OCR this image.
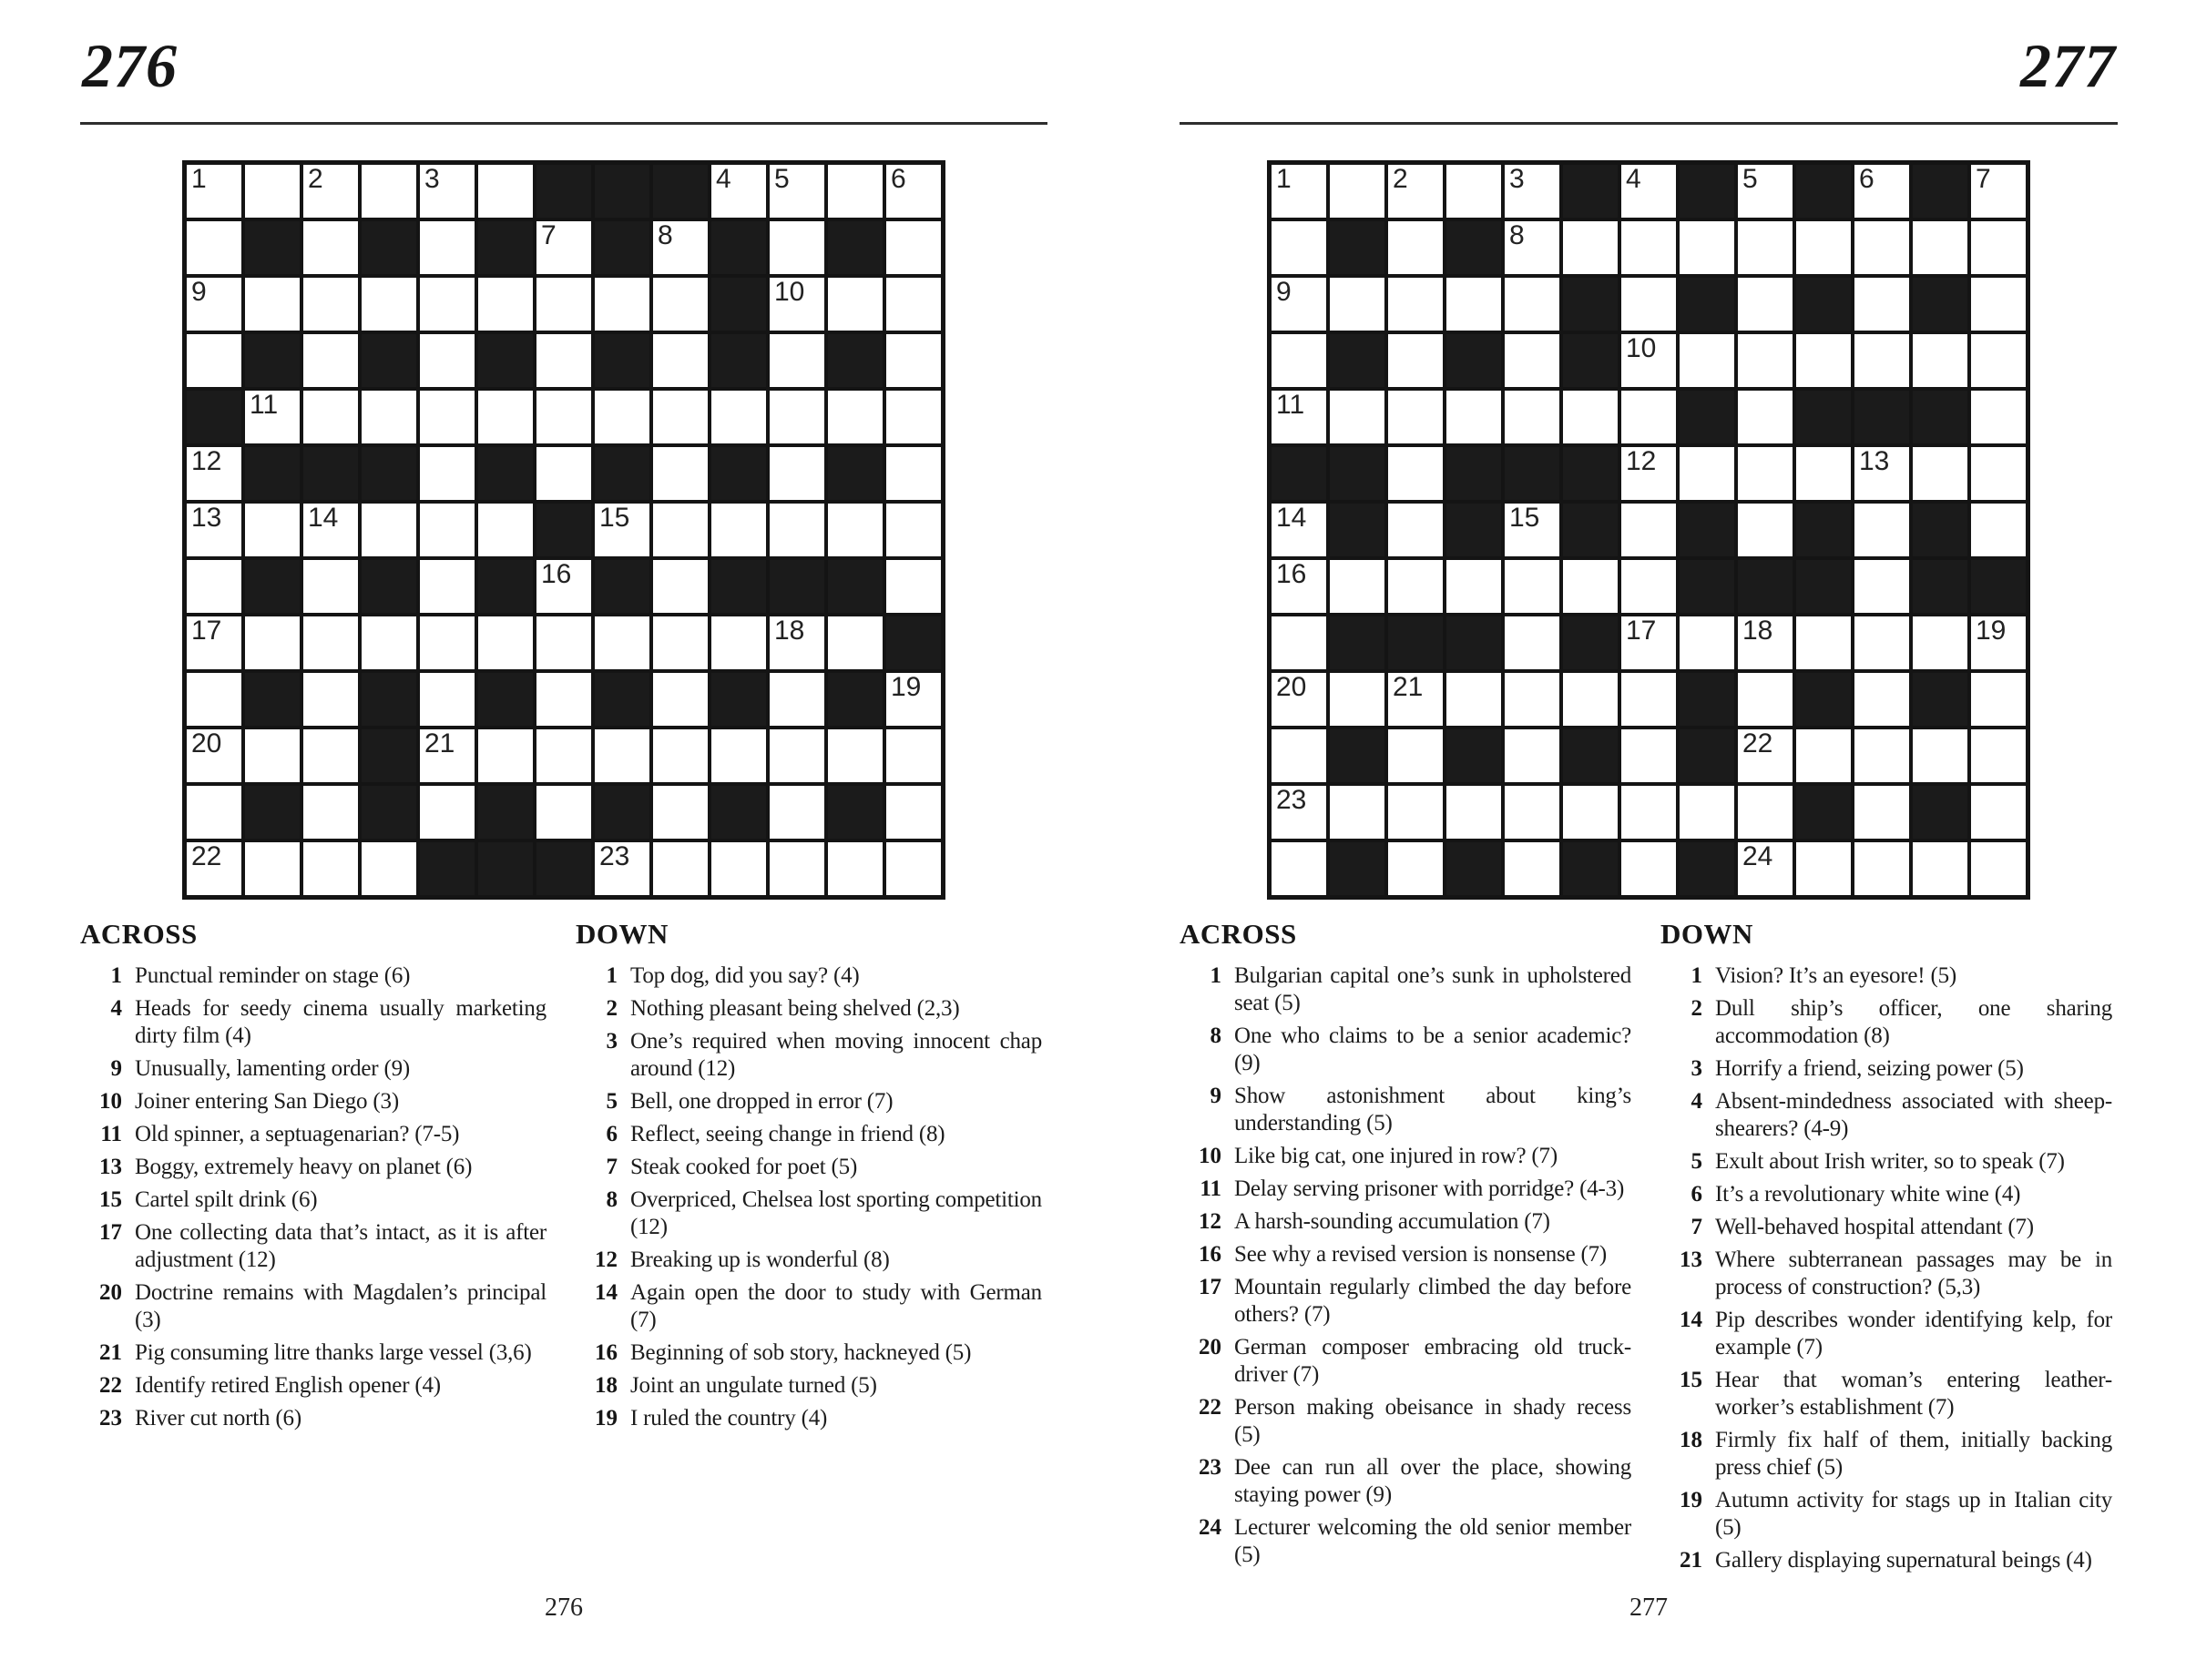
276
1	2	3	4 5	6
7	8
9	10
11
12
13	14	15
16
17	18
19
20	21
22	23
ACROSS
1 Punctual reminder on stage (6)
4 Heads for seedy cinema usually marketing dirty film (4)
9 Unusually, lamenting order (9)
10 Joiner entering San Diego (3)
11 Old spinner, a septuagenarian? (7-5)
13 Boggy, extremely heavy on planet (6)
15 Cartel spilt drink (6)
17 One collecting data that’s intact, as it is after adjustment (12)
20 Doctrine remains with Magdalen’s principal (3)
21 Pig consuming litre thanks large vessel (3,6)
22 Identify retired English opener (4)
23 River cut north (6)
DOWN
1 Top dog, did you say? (4)
2 Nothing pleasant being shelved (2,3)
3 One’s required when moving innocent chap around (12)
5 Bell, one dropped in error (7)
6 Reflect, seeing change in friend (8)
7 Steak cooked for poet (5)
8 Overpriced, Chelsea lost sporting competition (12)
12 Breaking up is wonderful (8)
14 Again open the door to study with German (7)
16 Beginning of sob story, hackneyed (5)
18 Joint an ungulate turned (5)
19 I ruled the country (4)
276
277
1	2	3	4	5	6	7
8
9
10
11
12	13
14	15
16
17	18	19
20	21
22
23
24
ACROSS
1 Bulgarian capital one’s sunk in upholstered seat (5)
8 One who claims to be a senior academic? (9)
9 Show astonishment about king’s understanding (5)
10 Like big cat, one injured in row? (7)
11 Delay serving prisoner with porridge? (4-3)
12 A harsh-sounding accumulation (7)
16 See why a revised version is nonsense (7)
17 Mountain regularly climbed the day before others? (7)
20 German composer embracing old truck-driver (7)
22 Person making obeisance in shady recess (5)
23 Dee can run all over the place, showing staying power (9)
24 Lecturer welcoming the old senior member (5)
DOWN
1 Vision? It’s an eyesore! (5)
2 Dull ship’s officer, one sharing accommodation (8)
3 Horrify a friend, seizing power (5)
4 Absent-mindedness associated with sheep-shearers? (4-9)
5 Exult about Irish writer, so to speak (7)
6 It’s a revolutionary white wine (4)
7 Well-behaved hospital attendant (7)
13 Where subterranean passages may be in process of construction? (5,3)
14 Pip describes wonder identifying kelp, for example (7)
15 Hear that woman’s entering leather-worker’s establishment (7)
18 Firmly fix half of them, initially backing press chief (5)
19 Autumn activity for stags up in Italian city (5)
21 Gallery displaying supernatural beings (4)
277
